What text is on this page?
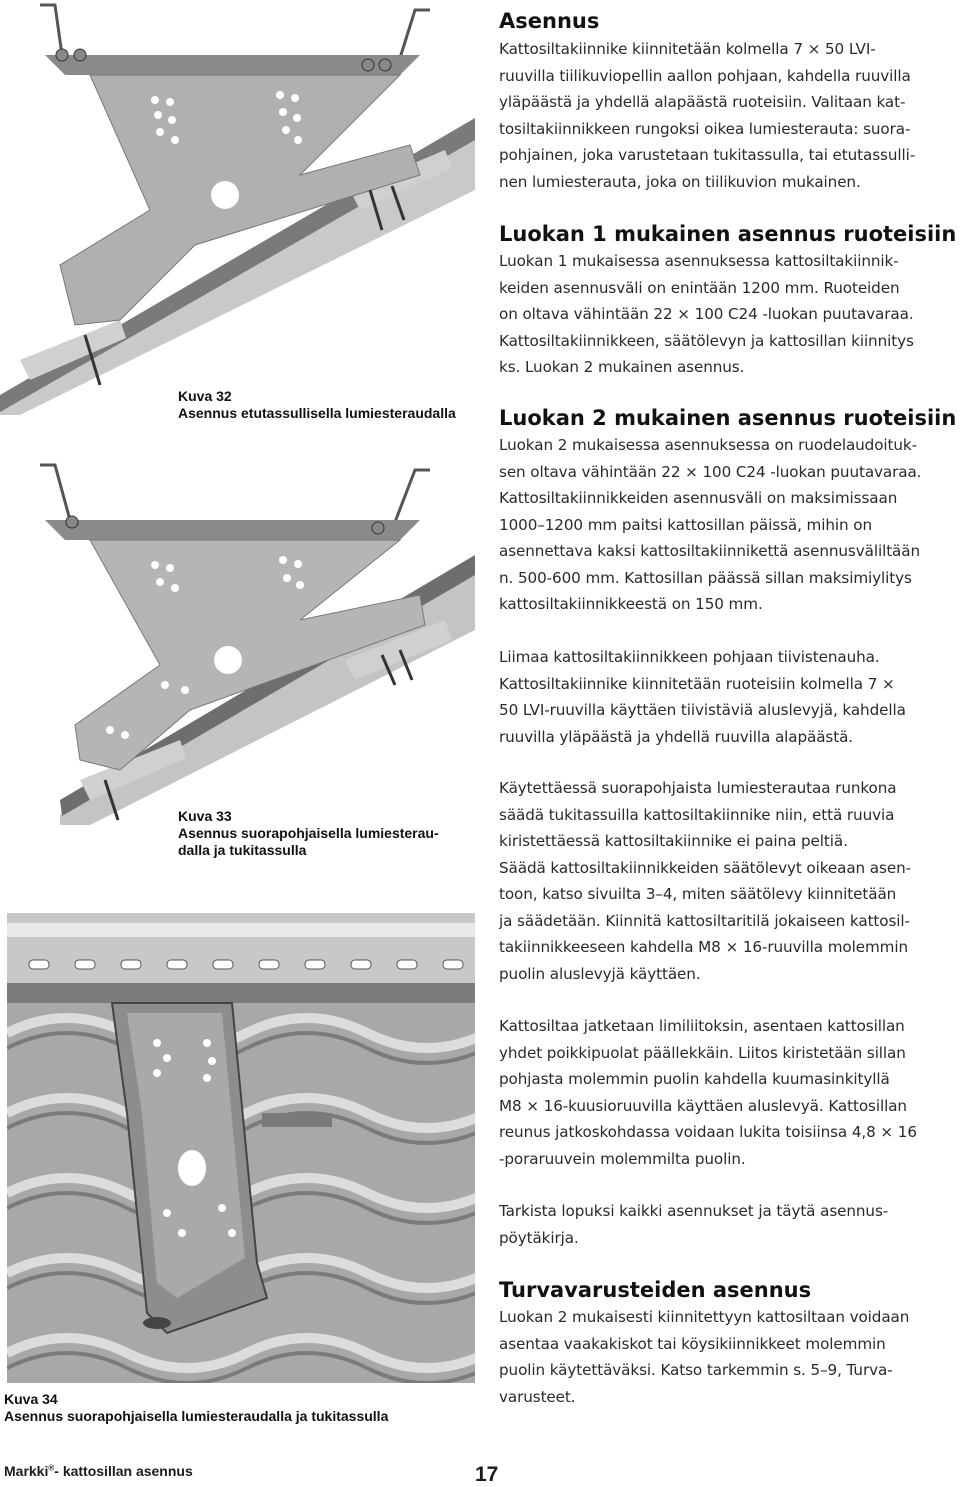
Kuva 32
Asennus etutassullisella lumiesteraudalla
Kuva 33
Asennus suorapohjaisella lumiesterau-
dalla ja tukitassulla
Kuva 34
Asennus suorapohjaisella lumiesteraudalla ja tukitassulla
Asennus
Kattosiltakiinnike kiinnitetään kolmella 7 × 50 LVI-
ruuvilla tiilikuviopellin aallon pohjaan, kahdella ruuvilla
yläpäästä ja yhdellä alapäästä ruoteisiin. Valitaan kat-
tosiltakiinnikkeen rungoksi oikea lumiesterauta: suora-
pohjainen, joka varustetaan tukitassulla, tai etutassulli-
nen lumiesterauta, joka on tiilikuvion mukainen.
Luokan 1 mukainen asennus ruoteisiin
Luokan 1 mukaisessa asennuksessa kattosiltakiinnik-
keiden asennusväli on enintään 1200 mm. Ruoteiden
on oltava vähintään 22 × 100 C24 -luokan puutavaraa.
Kattosiltakiinnikkeen, säätölevyn ja kattosillan kiinnitys
ks. Luokan 2 mukainen asennus.
Luokan 2 mukainen asennus ruoteisiin
Luokan 2 mukaisessa asennuksessa on ruodelaudoituk-
sen oltava vähintään 22 × 100 C24 -luokan puutavaraa.
Kattosiltakiinnikkeiden asennusväli on maksimissaan
1000–1200 mm paitsi kattosillan päissä, mihin on
asennettava kaksi kattosiltakiinnikettä asennusväliltään
n. 500-600 mm. Kattosillan päässä sillan maksimiylitys
kattosiltakiinnikkeestä on 150 mm.
Liimaa kattosiltakiinnikkeen pohjaan tiivistenauha.
Kattosiltakiinnike kiinnitetään ruoteisiin kolmella 7 ×
50 LVI-ruuvilla käyttäen tiivistäviä aluslevyjä, kahdella
ruuvilla yläpäästä ja yhdellä ruuvilla alapäästä.
Käytettäessä suorapohjaista lumiesterautaa runkona
säädä tukitassuilla kattosiltakiinnike niin, että ruuvia
kiristettäessä kattosiltakiinnike ei paina peltiä.
Säädä kattosiltakiinnikkeiden säätölevyt oikeaan asen-
toon, katso sivuilta 3–4, miten säätölevy kiinnitetään
ja säädetään. Kiinnitä kattosiltaritilä jokaiseen kattosil-
takiinnikkeeseen kahdella M8 × 16-ruuvilla molemmin
puolin aluslevyjä käyttäen.
Kattosiltaa jatketaan limiliitoksin, asentaen kattosillan
yhdet poikkipuolat päällekkäin. Liitos kiristetään sillan
pohjasta molemmin puolin kahdella kuumasinkityllä
M8 × 16-kuusioruuvilla käyttäen aluslevyä. Kattosillan
reunus jatkoskohdassa voidaan lukita toisiinsa 4,8 × 16
-poraruuvein molemmilta puolin.
Tarkista lopuksi kaikki asennukset ja täytä asennus-
pöytäkirja.
Turvavarusteiden asennus
Luokan 2 mukaisesti kiinnitettyyn kattosiltaan voidaan
asentaa vaakakiskot tai köysikiinnikkeet molemmin
puolin käytettäväksi. Katso tarkemmin s. 5–9, Turva-
varusteet.
Markki®- kattosillan asennus	17
